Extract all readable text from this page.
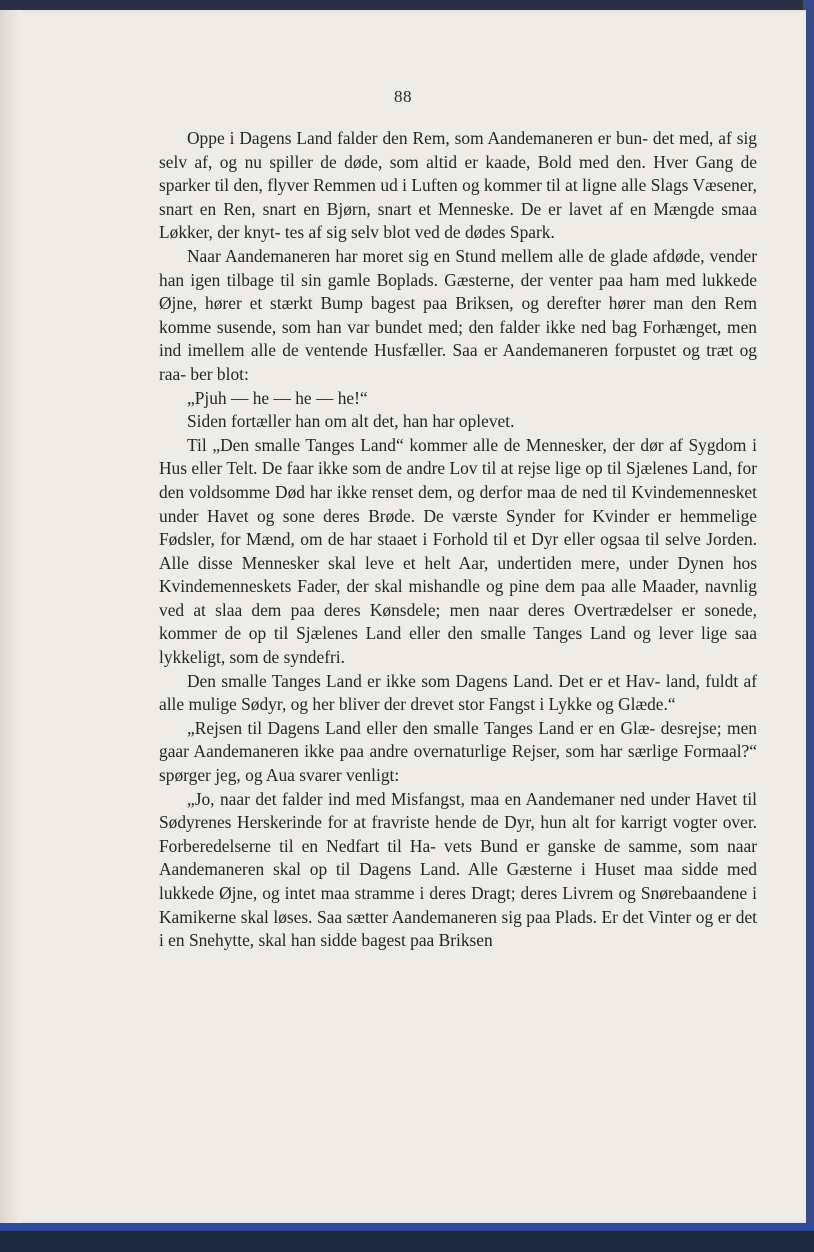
88

Oppe i Dagens Land falder den Rem, som Aandemaneren er bun‐ det med, af sig selv af, og nu spiller de døde, som altid er kaade, Bold med den. Hver Gang de sparker til den, flyver Remmen ud i Luften og kommer til at ligne alle Slags Væsener, snart en Ren, snart en Bjørn, snart et Menneske. De er lavet af en Mængde smaa Løkker, der knyt‐ tes af sig selv blot ved de dødes Spark.

Naar Aandemaneren har moret sig en Stund mellem alle de glade afdøde, vender han igen tilbage til sin gamle Boplads. Gæsterne, der venter paa ham med lukkede Øjne, hører et stærkt Bump bagest paa Briksen, og derefter hører man den Rem komme susende, som han var bundet med; den falder ikke ned bag Forhænget, men ind imellem alle de ventende Husfæller. Saa er Aandemaneren forpustet og træt og raa‐ ber blot:

„Pjuh — he — he — he!“

Siden fortæller han om alt det, han har oplevet.

Til „Den smalle Tanges Land“ kommer alle de Mennesker, der dør af Sygdom i Hus eller Telt. De faar ikke som de andre Lov til at rejse lige op til Sjælenes Land, for den voldsomme Død har ikke renset dem, og derfor maa de ned til Kvindemennesket under Havet og sone deres Brøde. De værste Synder for Kvinder er hemmelige Fødsler, for Mænd, om de har staaet i Forhold til et Dyr eller ogsaa til selve Jorden. Alle disse Mennesker skal leve et helt Aar, undertiden mere, under Dynen hos Kvindemenneskets Fader, der skal mishandle og pine dem paa alle Maader, navnlig ved at slaa dem paa deres Kønsdele; men naar deres Overtrædelser er sonede, kommer de op til Sjælenes Land eller den smalle Tanges Land og lever lige saa lykkeligt, som de syndefri.

Den smalle Tanges Land er ikke som Dagens Land. Det er et Hav‐ land, fuldt af alle mulige Sødyr, og her bliver der drevet stor Fangst i Lykke og Glæde.“

„Rejsen til Dagens Land eller den smalle Tanges Land er en Glæ‐ desrejse; men gaar Aandemaneren ikke paa andre overnaturlige Rejser, som har særlige Formaal?“ spørger jeg, og Aua svarer venligt:

„Jo, naar det falder ind med Misfangst, maa en Aandemaner ned under Havet til Sødyrenes Herskerinde for at fravriste hende de Dyr, hun alt for karrigt vogter over. Forberedelserne til en Nedfart til Ha‐ vets Bund er ganske de samme, som naar Aandemaneren skal op til Dagens Land. Alle Gæsterne i Huset maa sidde med lukkede Øjne, og intet maa stramme i deres Dragt; deres Livrem og Snørebaandene i Kamikerne skal løses. Saa sætter Aandemaneren sig paa Plads. Er det Vinter og er det i en Snehytte, skal han sidde bagest paa Briksen
